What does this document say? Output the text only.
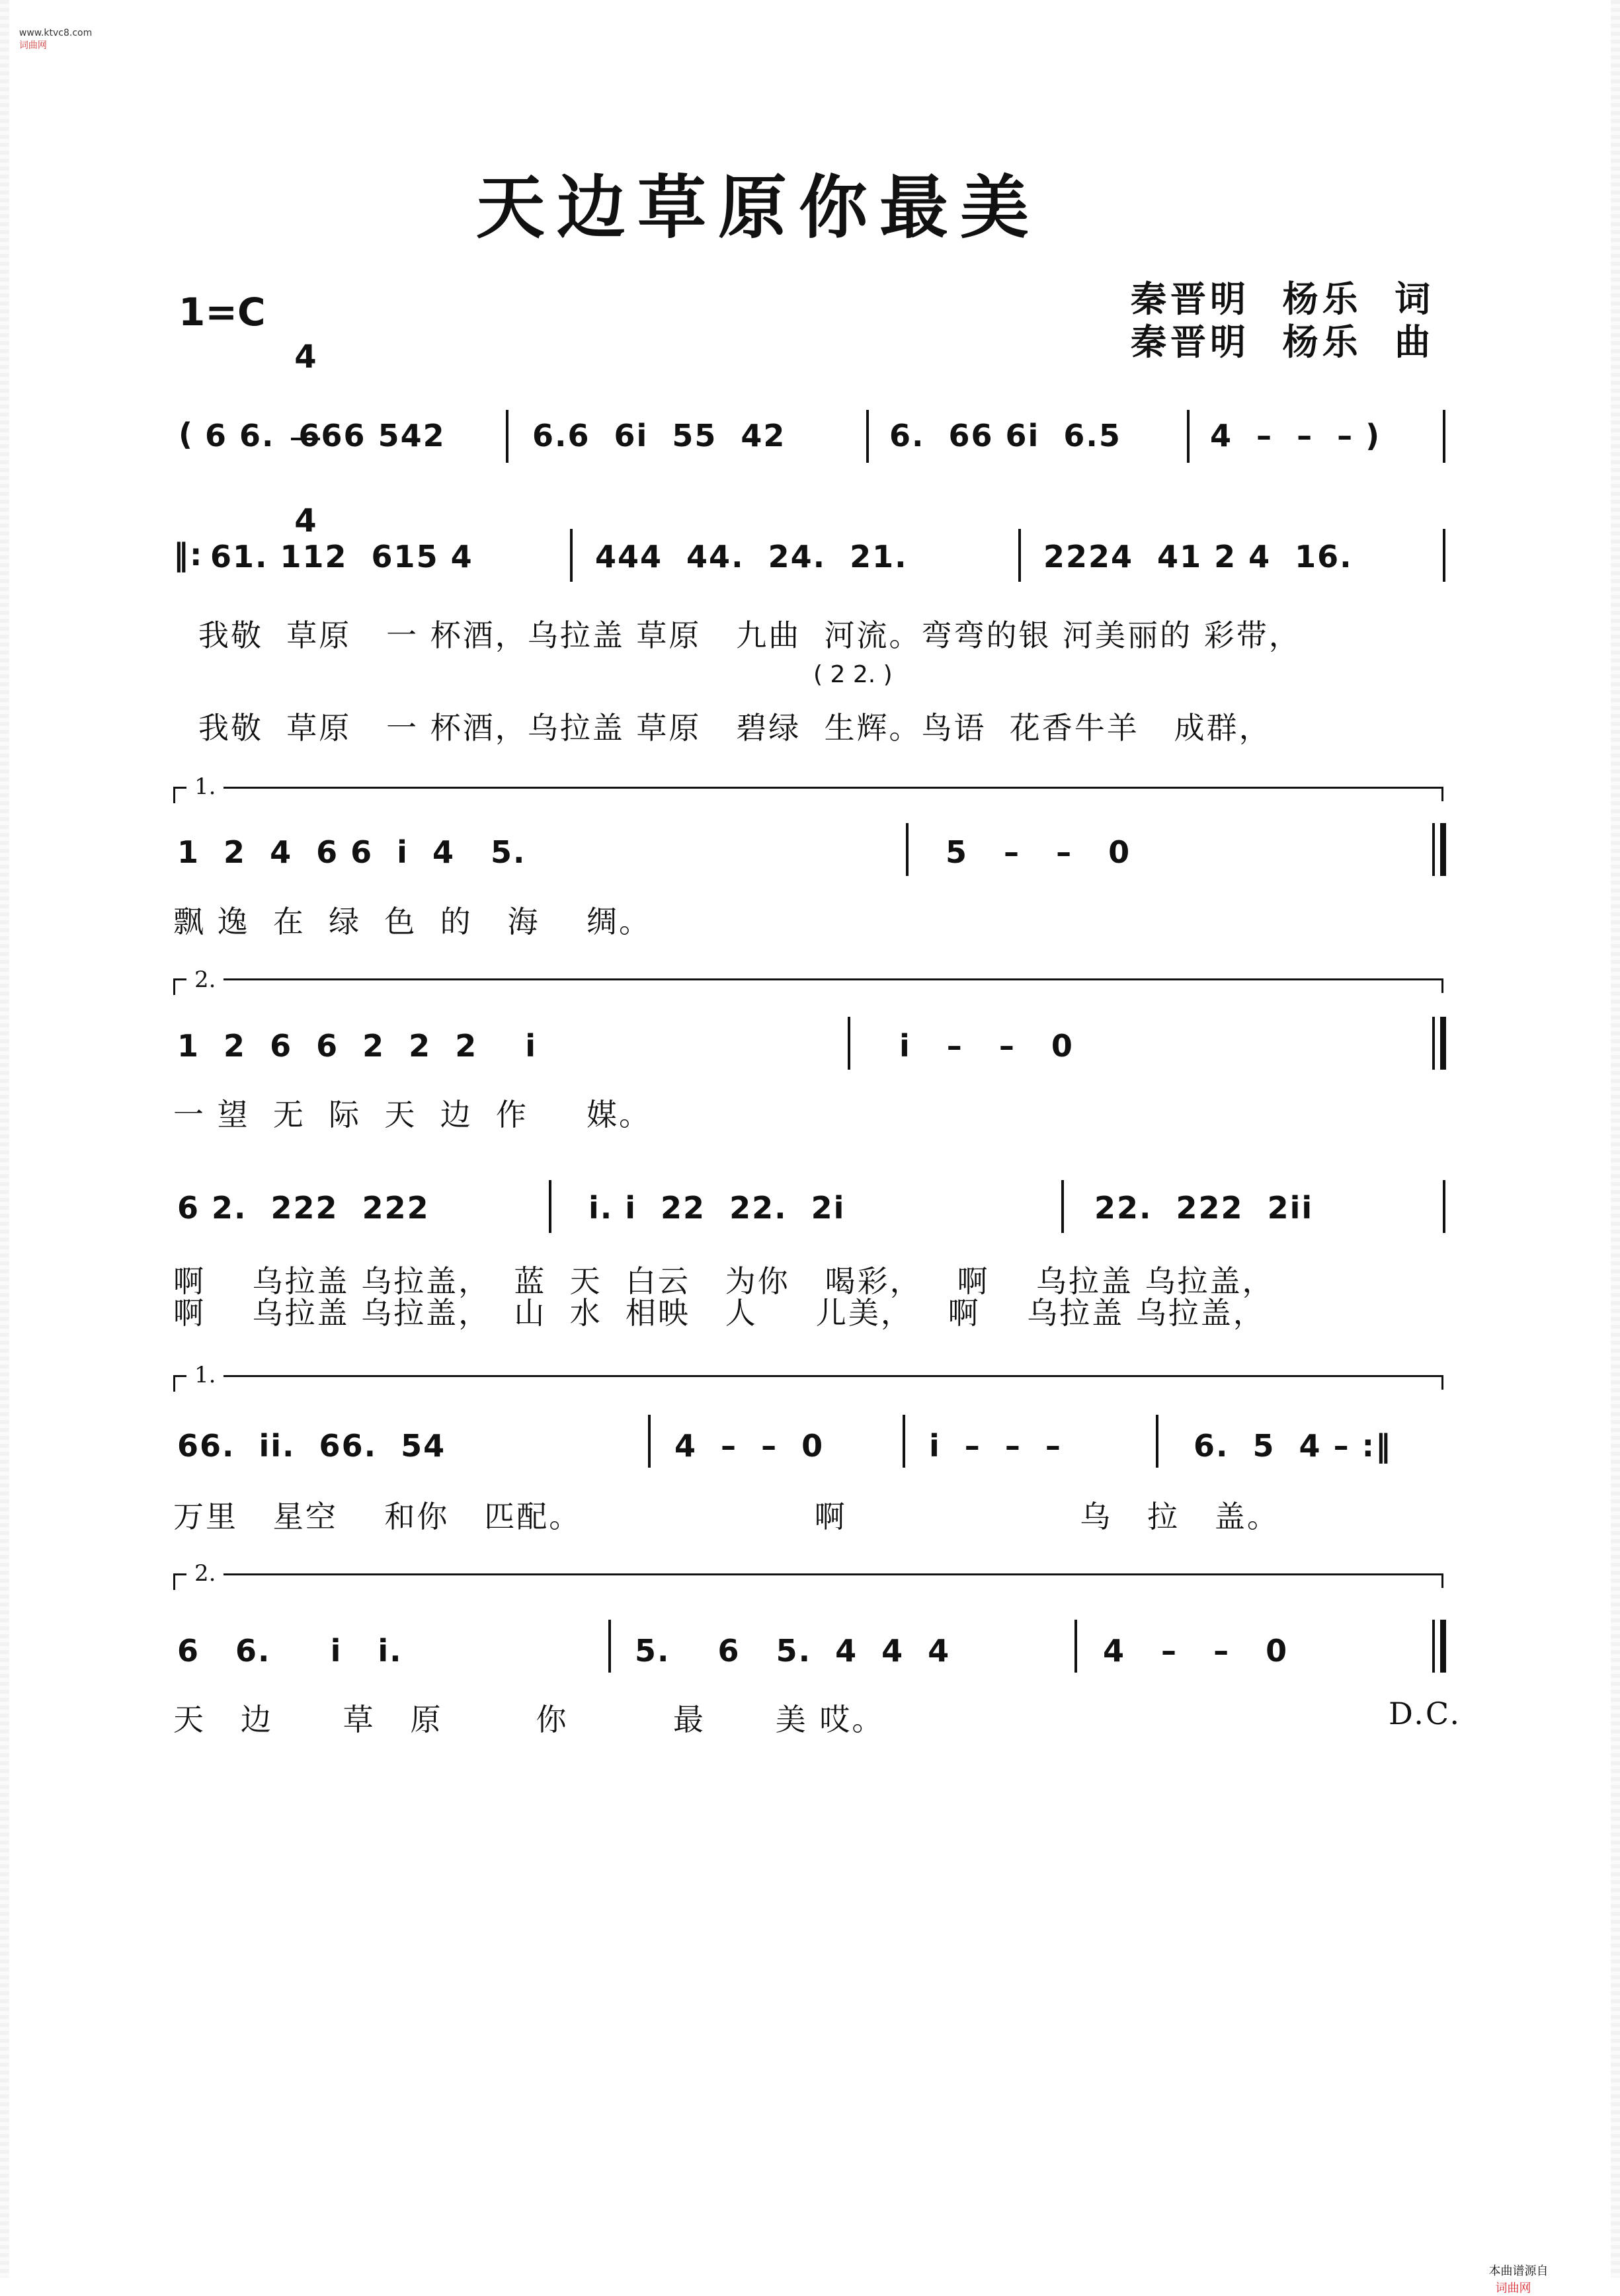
www.ktvc8.com
词曲网

天边草原你最美
1=C

4

4

秦晋明  杨乐  词
秦晋明  杨乐  曲
( 6 6.  666 542	6.6  6i  55  42	6.  66 6i  6.5	4  –  –  – )
‖: 61. 112  615 4	444  44.  24.  21.	2224  41 2 4  16.
我敬  草原   一 杯酒，乌拉盖 草原   九曲  河流。弯弯的银 河美丽的 彩带，
( 2 2. )
我敬  草原   一 杯酒，乌拉盖 草原   碧绿  生辉。鸟语  花香牛羊   成群，
1.
1  2  4  6 6  i  4   5.	5   –   –   0
飘 逸  在  绿  色  的   海    绸。
2.
1  2  6  6  2  2  2    i	i   –   –   0
一 望  无  际  天  边  作     媒。
6 2.  222  222	i. i  22  22.  2i	22.  222  2ii
啊    乌拉盖 乌拉盖，  蓝  天  白云   为你   喝彩，   啊    乌拉盖 乌拉盖，
啊    乌拉盖 乌拉盖，  山  水  相映   人     儿美，   啊    乌拉盖 乌拉盖，
1.
66.  ii.  66.  54	4  –  –  0	i  –  –  –	6.  5  4 – :‖
万里   星空    和你   匹配。                    啊                    乌   拉   盖。
2.
6   6.     i   i.	5.    6   5.  4  4  4	4   –   –   0
天   边      草   原        你         最      美 哎。	D.C.

本曲谱源自
词曲网
